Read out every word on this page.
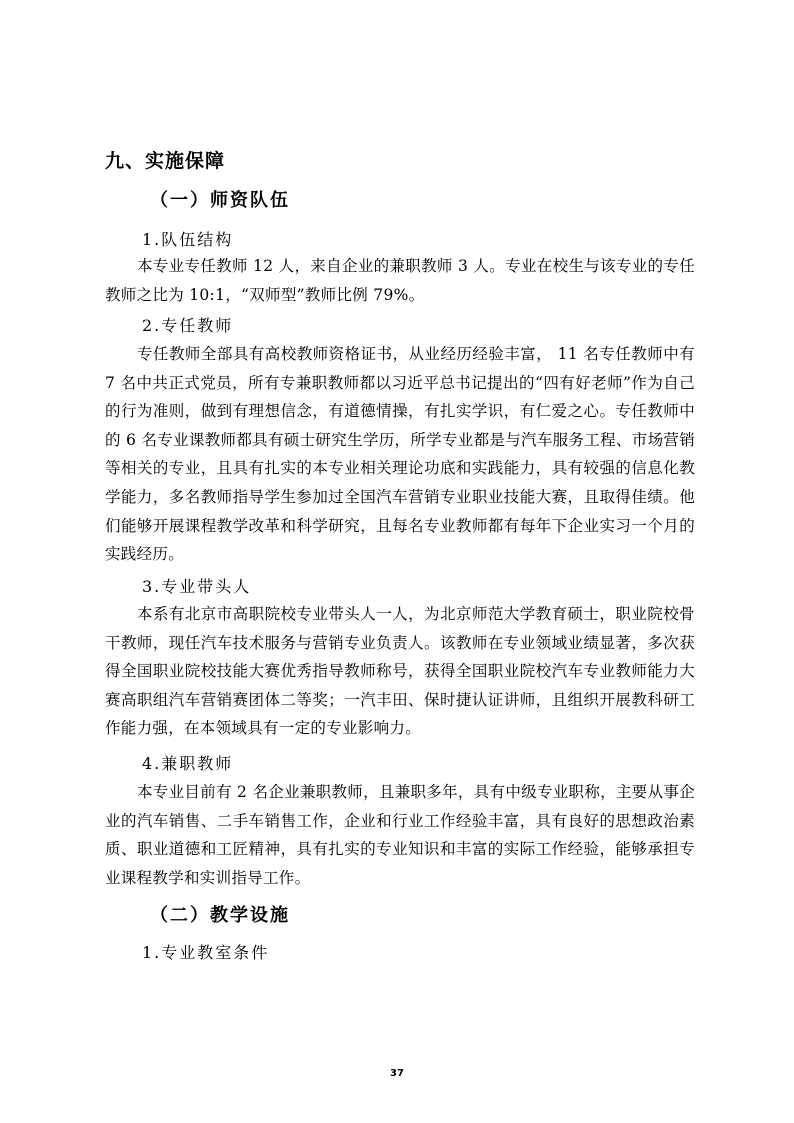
九、实施保障
（一）师资队伍
1.队伍结构
本专业专任教师 12 人，来自企业的兼职教师 3 人。专业在校生与该专业的专任教师之比为 10:1，“双师型”教师比例 79%。
2.专任教师
专任教师全部具有高校教师资格证书，从业经历经验丰富， 11 名专任教师中有 7 名中共正式党员，所有专兼职教师都以习近平总书记提出的“四有好老师”作为自己的行为准则，做到有理想信念，有道德情操，有扎实学识，有仁爱之心。专任教师中的 6 名专业课教师都具有硕士研究生学历，所学专业都是与汽车服务工程、市场营销等相关的专业，且具有扎实的本专业相关理论功底和实践能力，具有较强的信息化教学能力，多名教师指导学生参加过全国汽车营销专业职业技能大赛，且取得佳绩。他们能够开展课程教学改革和科学研究，且每名专业教师都有每年下企业实习一个月的实践经历。
3.专业带头人
本系有北京市高职院校专业带头人一人，为北京师范大学教育硕士，职业院校骨干教师，现任汽车技术服务与营销专业负责人。该教师在专业领域业绩显著，多次获得全国职业院校技能大赛优秀指导教师称号，获得全国职业院校汽车专业教师能力大赛高职组汽车营销赛团体二等奖；一汽丰田、保时捷认证讲师，且组织开展教科研工作能力强，在本领域具有一定的专业影响力。
4.兼职教师
本专业目前有 2 名企业兼职教师，且兼职多年，具有中级专业职称，主要从事企业的汽车销售、二手车销售工作，企业和行业工作经验丰富，具有良好的思想政治素质、职业道德和工匠精神，具有扎实的专业知识和丰富的实际工作经验，能够承担专业课程教学和实训指导工作。
（二）教学设施
1.专业教室条件
37
